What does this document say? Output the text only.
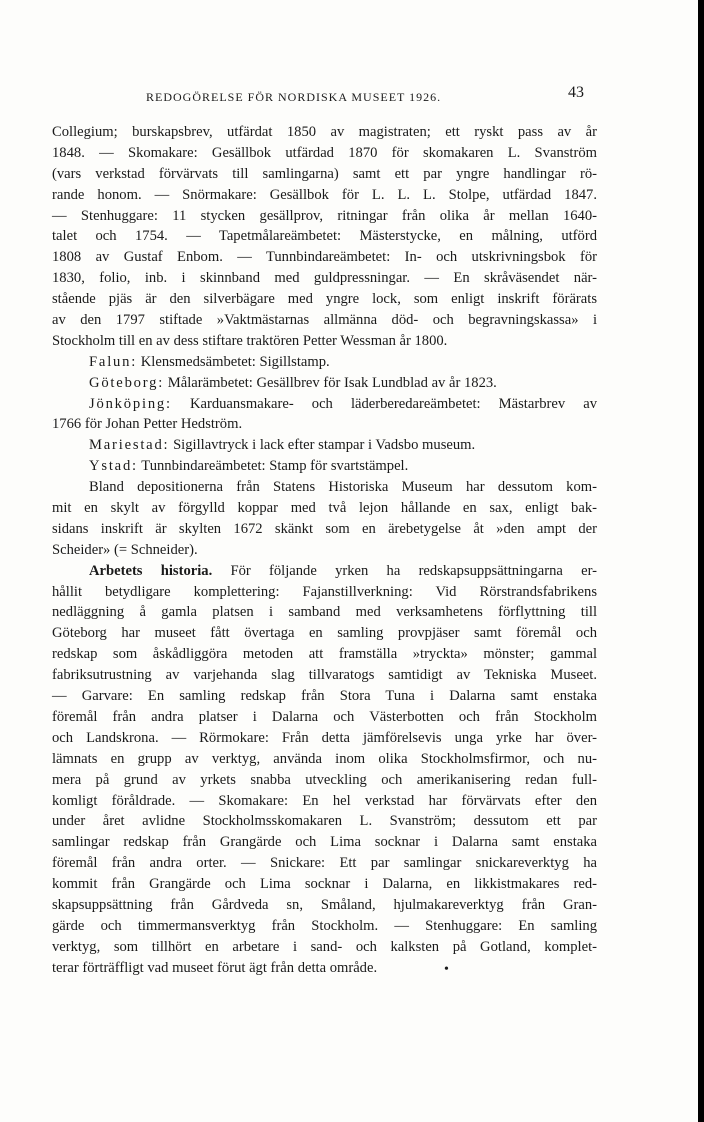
REDOGÖRELSE FÖR NORDISKA MUSEET 1926.	43
Collegium; burskapsbrev, utfärdat 1850 av magistraten; ett ryskt pass av år
1848. — Skomakare: Gesällbok utfärdad 1870 för skomakaren L. Svanström
(vars verkstad förvärvats till samlingarna) samt ett par yngre handlingar rö-
rande honom. — Snörmakare: Gesällbok för L. L. L. Stolpe, utfärdad 1847.
— Stenhuggare: 11 stycken gesällprov, ritningar från olika år mellan 1640-
talet och 1754. — Tapetmålareämbetet: Mästerstycke, en målning, utförd
1808 av Gustaf Enbom. — Tunnbindareämbetet: In- och utskrivningsbok för
1830, folio, inb. i skinnband med guldpressningar. — En skråväsendet när-
stående pjäs är den silverbägare med yngre lock, som enligt inskrift förärats
av den 1797 stiftade »Vaktmästarnas allmänna död- och begravningskassa» i
Stockholm till en av dess stiftare traktören Petter Wessman år 1800.
Falun: Klensmedsämbetet: Sigillstamp.
Göteborg: Målarämbetet: Gesällbrev för Isak Lundblad av år 1823.
Jönköping: Karduansmakare- och läderberedareämbetet: Mästarbrev av
1766 för Johan Petter Hedström.
Mariestad: Sigillavtryck i lack efter stampar i Vadsbo museum.
Ystad: Tunnbindareämbetet: Stamp för svartstämpel.
Bland depositionerna från Statens Historiska Museum har dessutom kom-
mit en skylt av förgylld koppar med två lejon hållande en sax, enligt bak-
sidans inskrift är skylten 1672 skänkt som en ärebetygelse åt »den ampt der
Scheider» (= Schneider).
Arbetets historia. För följande yrken ha redskapsuppsättningarna er-
hållit betydligare komplettering: Fajanstillverkning: Vid Rörstrandsfabrikens
nedläggning å gamla platsen i samband med verksamhetens förflyttning till
Göteborg har museet fått övertaga en samling provpjäser samt föremål och
redskap som åskådliggöra metoden att framställa »tryckta» mönster; gammal
fabriksutrustning av varjehanda slag tillvaratogs samtidigt av Tekniska Museet.
— Garvare: En samling redskap från Stora Tuna i Dalarna samt enstaka
föremål från andra platser i Dalarna och Västerbotten och från Stockholm
och Landskrona. — Rörmokare: Från detta jämförelsevis unga yrke har över-
lämnats en grupp av verktyg, använda inom olika Stockholmsfirmor, och nu-
mera på grund av yrkets snabba utveckling och amerikanisering redan full-
komligt föråldrade. — Skomakare: En hel verkstad har förvärvats efter den
under året avlidne Stockholmsskomakaren L. Svanström; dessutom ett par
samlingar redskap från Grangärde och Lima socknar i Dalarna samt enstaka
föremål från andra orter. — Snickare: Ett par samlingar snickareverktyg ha
kommit från Grangärde och Lima socknar i Dalarna, en likkistmakares red-
skapsuppsättning från Gårdveda sn, Småland, hjulmakareverktyg från Gran-
gärde och timmermansverktyg från Stockholm. — Stenhuggare: En samling
verktyg, som tillhört en arbetare i sand- och kalksten på Gotland, komplet-
terar förträffligt vad museet förut ägt från detta område.	•
